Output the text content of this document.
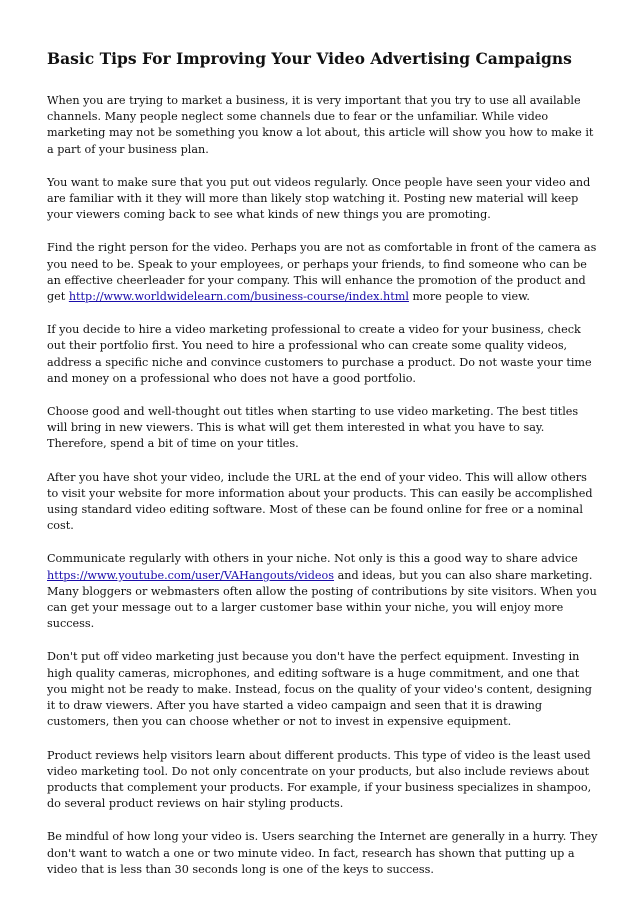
Basic Tips For Improving Your Video Advertising Campaigns

When you are trying to market a business, it is very important that you try to use all available channels. Many people neglect some channels due to fear or the unfamiliar. While video marketing may not be something you know a lot about, this article will show you how to make it a part of your business plan.

You want to make sure that you put out videos regularly. Once people have seen your video and are familiar with it they will more than likely stop watching it. Posting new material will keep your viewers coming back to see what kinds of new things you are promoting.

Find the right person for the video. Perhaps you are not as comfortable in front of the camera as you need to be. Speak to your employees, or perhaps your friends, to find someone who can be an effective cheerleader for your company. This will enhance the promotion of the product and get http://www.worldwidelearn.com/business-course/index.html more people to view.

If you decide to hire a video marketing professional to create a video for your business, check out their portfolio first. You need to hire a professional who can create some quality videos, address a specific niche and convince customers to purchase a product. Do not waste your time and money on a professional who does not have a good portfolio.

Choose good and well-thought out titles when starting to use video marketing. The best titles will bring in new viewers. This is what will get them interested in what you have to say. Therefore, spend a bit of time on your titles.

After you have shot your video, include the URL at the end of your video. This will allow others to visit your website for more information about your products. This can easily be accomplished using standard video editing software. Most of these can be found online for free or a nominal cost.

Communicate regularly with others in your niche. Not only is this a good way to share advice https://www.youtube.com/user/VAHangouts/videos and ideas, but you can also share marketing. Many bloggers or webmasters often allow the posting of contributions by site visitors. When you can get your message out to a larger customer base within your niche, you will enjoy more success.

Don't put off video marketing just because you don't have the perfect equipment. Investing in high quality cameras, microphones, and editing software is a huge commitment, and one that you might not be ready to make. Instead, focus on the quality of your video's content, designing it to draw viewers. After you have started a video campaign and seen that it is drawing customers, then you can choose whether or not to invest in expensive equipment.

Product reviews help visitors learn about different products. This type of video is the least used video marketing tool. Do not only concentrate on your products, but also include reviews about products that complement your products. For example, if your business specializes in shampoo, do several product reviews on hair styling products.

Be mindful of how long your video is. Users searching the Internet are generally in a hurry. They don't want to watch a one or two minute video. In fact, research has shown that putting up a video that is less than 30 seconds long is one of the keys to success.
